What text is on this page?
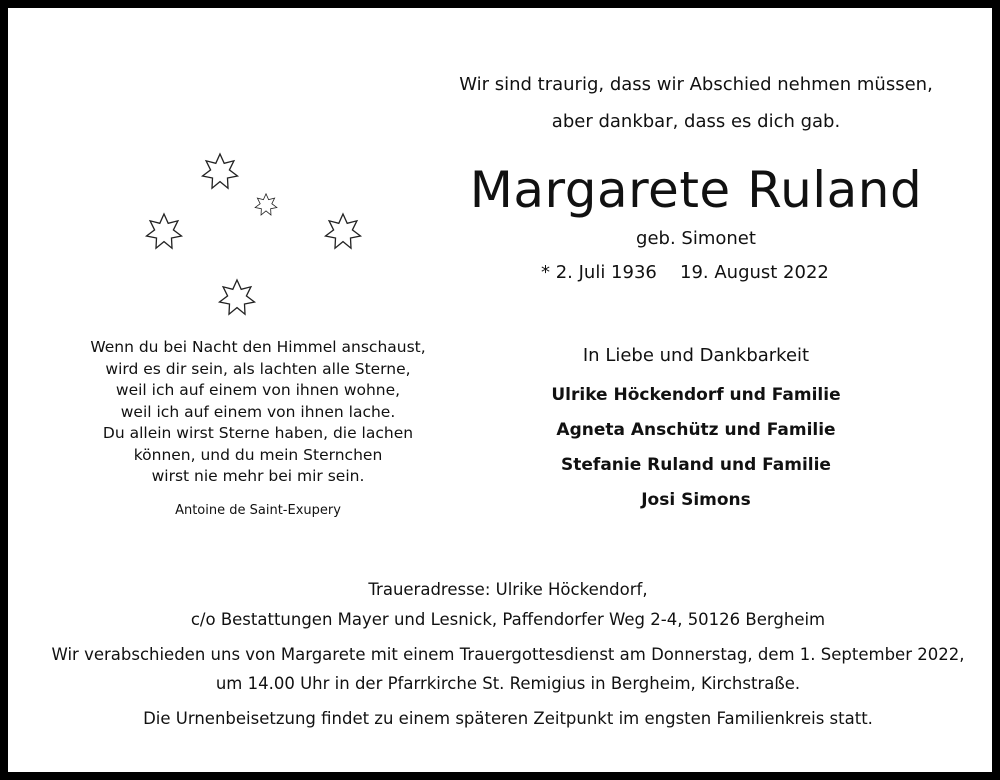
Wir sind traurig, dass wir Abschied nehmen müssen,
aber dankbar, dass es dich gab.
Margarete Ruland
geb. Simonet
* 2. Juli 1936 19. August 2022
Wenn du bei Nacht den Himmel anschaust,
wird es dir sein, als lachten alle Sterne,
weil ich auf einem von ihnen wohne,
weil ich auf einem von ihnen lache.
Du allein wirst Sterne haben, die lachen
können, und du mein Sternchen
wirst nie mehr bei mir sein.
Antoine de Saint-Exupery
In Liebe und Dankbarkeit
Ulrike Höckendorf und Familie
Agneta Anschütz und Familie
Stefanie Ruland und Familie
Josi Simons
Traueradresse: Ulrike Höckendorf,
c/o Bestattungen Mayer und Lesnick, Paffendorfer Weg 2-4, 50126 Bergheim
Wir verabschieden uns von Margarete mit einem Trauergottesdienst am Donnerstag, dem 1. September 2022,
um 14.00 Uhr in der Pfarrkirche St. Remigius in Bergheim, Kirchstraße.
Die Urnenbeisetzung findet zu einem späteren Zeitpunkt im engsten Familienkreis statt.
